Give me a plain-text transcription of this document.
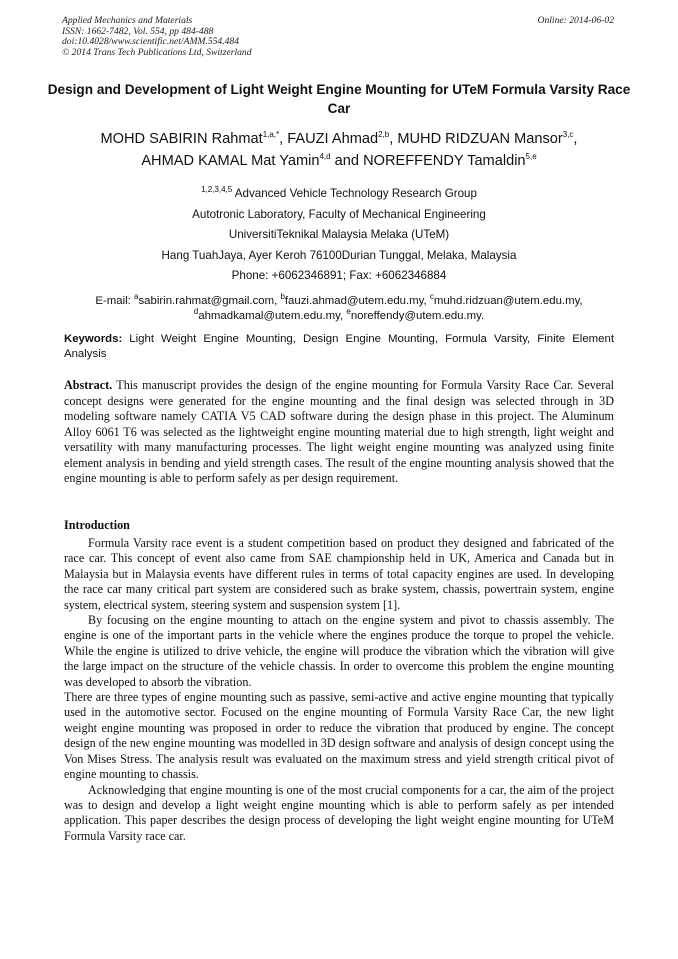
Applied Mechanics and Materials
ISSN: 1662-7482, Vol. 554, pp 484-488
doi:10.4028/www.scientific.net/AMM.554.484
© 2014 Trans Tech Publications Ltd, Switzerland
Online: 2014-06-02
Design and Development of Light Weight Engine Mounting for UTeM Formula Varsity Race Car
MOHD SABIRIN Rahmat$^{1,a,*}$, FAUZI Ahmad$^{2,b}$, MUHD RIDZUAN Mansor$^{3,c}$,
AHMAD KAMAL Mat Yamin$^{4,d}$ and NOREFFENDY Tamaldin$^{5,e}$
$^{1,2,3,4,5}$ Advanced Vehicle Technology Research Group
Autotronic Laboratory, Faculty of Mechanical Engineering
UniversitiTeknikal Malaysia Melaka (UTeM)
Hang TuahJaya, Ayer Keroh 76100Durian Tunggal, Melaka, Malaysia
Phone: +6062346891; Fax: +6062346884
E-mail: $^a$sabirin.rahmat@gmail.com, $^b$fauzi.ahmad@utem.edu.my, $^c$muhd.ridzuan@utem.edu.my,
$^d$ahmadkamal@utem.edu.my, $^e$noreffendy@utem.edu.my.
Keywords: Light Weight Engine Mounting, Design Engine Mounting, Formula Varsity, Finite Element Analysis
Abstract. This manuscript provides the design of the engine mounting for Formula Varsity Race Car. Several concept designs were generated for the engine mounting and the final design was selected through in 3D modeling software namely CATIA V5 CAD software during the design phase in this project. The Aluminum Alloy 6061 T6 was selected as the lightweight engine mounting material due to high strength, light weight and versatility with many manufacturing processes. The light weight engine mounting was analyzed using finite element analysis in bending and yield strength cases. The result of the engine mounting analysis showed that the engine mounting is able to perform safely as per design requirement.
Introduction

Formula Varsity race event is a student competition based on product they designed and fabricated of the race car. This concept of event also came from SAE championship held in UK, America and Canada but in Malaysia but in Malaysia events have different rules in terms of total capacity engines are used. In developing the race car many critical part system are considered such as brake system, chassis, powertrain system, engine system, electrical system, steering system and suspension system [1].

By focusing on the engine mounting to attach on the engine system and pivot to chassis assembly. The engine is one of the important parts in the vehicle where the engines produce the torque to propel the vehicle. While the engine is utilized to drive vehicle, the engine will produce the vibration which the vibration will give the large impact on the structure of the vehicle chassis. In order to overcome this problem the engine mounting was developed to absorb the vibration.

There are three types of engine mounting such as passive, semi-active and active engine mounting that typically used in the automotive sector. Focused on the engine mounting of Formula Varsity Race Car, the new light weight engine mounting was proposed in order to reduce the vibration that produced by engine. The concept design of the new engine mounting was modelled in 3D design software and analysis of design concept using the Von Mises Stress. The analysis result was evaluated on the maximum stress and yield strength critical pivot of engine mounting to chassis.

Acknowledging that engine mounting is one of the most crucial components for a car, the aim of the project was to design and develop a light weight engine mounting which is able to perform safely as per intended application. This paper describes the design process of developing the light weight engine mounting for UTeM Formula Varsity race car.
